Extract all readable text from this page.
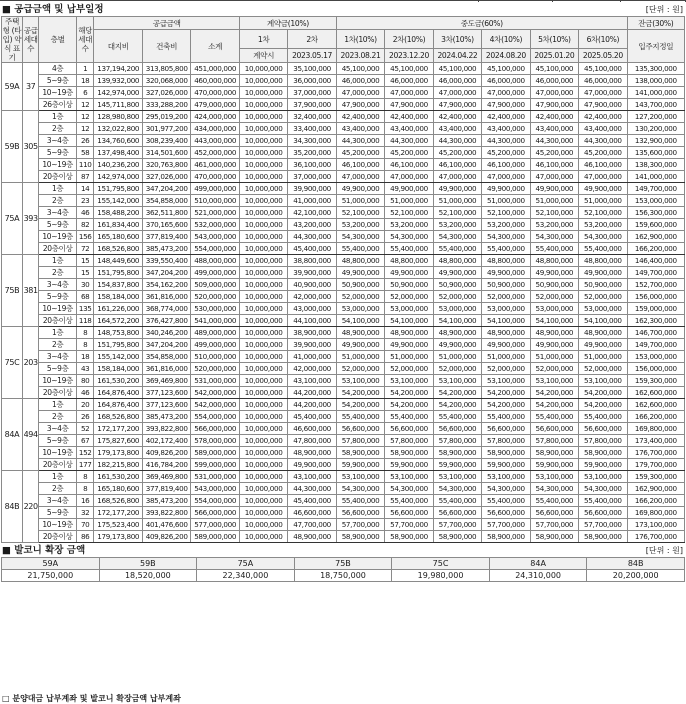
■ 공급금액 및 납부일정	[단위 : 원]
주택형 (타입) 약식 표기	공급 세대수	층별	해당 세대수	공급금액			계약금(10%)		중도금(60%)						잔금(30%)
				대지비	건축비	소계	1차	2차	1차(10%)	2차(10%)	3차(10%)	4차(10%)	5차(10%)	6차(10%)	입주지정일
							계약시	2023.05.17	2023.08.21	2023.12.20	2024.04.22	2024.08.20	2025.01.20	2025.05.20	
59A	37	4층	1	137,194,200	313,805,800	451,000,000	10,000,000	35,100,000	45,100,000	45,100,000	45,100,000	45,100,000	45,100,000	45,100,000	135,300,000
		5~9층	18	139,932,000	320,068,000	460,000,000	10,000,000	36,000,000	46,000,000	46,000,000	46,000,000	46,000,000	46,000,000	46,000,000	138,000,000
		10~19층	6	142,974,000	327,026,000	470,000,000	10,000,000	37,000,000	47,000,000	47,000,000	47,000,000	47,000,000	47,000,000	47,000,000	141,000,000
		26층이상	12	145,711,800	333,288,200	479,000,000	10,000,000	37,900,000	47,900,000	47,900,000	47,900,000	47,900,000	47,900,000	47,900,000	143,700,000
59B	305	1층	12	128,980,800	295,019,200	424,000,000	10,000,000	32,400,000	42,400,000	42,400,000	42,400,000	42,400,000	42,400,000	42,400,000	127,200,000
		2층	12	132,022,800	301,977,200	434,000,000	10,000,000	33,400,000	43,400,000	43,400,000	43,400,000	43,400,000	43,400,000	43,400,000	130,200,000
		3~4층	26	134,760,600	308,239,400	443,000,000	10,000,000	34,300,000	44,300,000	44,300,000	44,300,000	44,300,000	44,300,000	44,300,000	132,900,000
		5~9층	58	137,498,400	314,501,600	452,000,000	10,000,000	35,200,000	45,200,000	45,200,000	45,200,000	45,200,000	45,200,000	45,200,000	135,600,000
		10~19층	110	140,236,200	320,763,800	461,000,000	10,000,000	36,100,000	46,100,000	46,100,000	46,100,000	46,100,000	46,100,000	46,100,000	138,300,000
		20층이상	87	142,974,000	327,026,000	470,000,000	10,000,000	37,000,000	47,000,000	47,000,000	47,000,000	47,000,000	47,000,000	47,000,000	141,000,000
75A	393	1층	14	151,795,800	347,204,200	499,000,000	10,000,000	39,900,000	49,900,000	49,900,000	49,900,000	49,900,000	49,900,000	49,900,000	149,700,000
		2층	23	155,142,000	354,858,000	510,000,000	10,000,000	41,000,000	51,000,000	51,000,000	51,000,000	51,000,000	51,000,000	51,000,000	153,000,000
		3~4층	46	158,488,200	362,511,800	521,000,000	10,000,000	42,100,000	52,100,000	52,100,000	52,100,000	52,100,000	52,100,000	52,100,000	156,300,000
		5~9층	82	161,834,400	370,165,600	532,000,000	10,000,000	43,200,000	53,200,000	53,200,000	53,200,000	53,200,000	53,200,000	53,200,000	159,600,000
		10~19층	156	165,180,600	377,819,400	543,000,000	10,000,000	44,300,000	54,300,000	54,300,000	54,300,000	54,300,000	54,300,000	54,300,000	162,900,000
		20층이상	72	168,526,800	385,473,200	554,000,000	10,000,000	45,400,000	55,400,000	55,400,000	55,400,000	55,400,000	55,400,000	55,400,000	166,200,000
75B	381	1층	15	148,449,600	339,550,400	488,000,000	10,000,000	38,800,000	48,800,000	48,800,000	48,800,000	48,800,000	48,800,000	48,800,000	146,400,000
		2층	15	151,795,800	347,204,200	499,000,000	10,000,000	39,900,000	49,900,000	49,900,000	49,900,000	49,900,000	49,900,000	49,900,000	149,700,000
		3~4층	30	154,837,800	354,162,200	509,000,000	10,000,000	40,900,000	50,900,000	50,900,000	50,900,000	50,900,000	50,900,000	50,900,000	152,700,000
		5~9층	68	158,184,000	361,816,000	520,000,000	10,000,000	42,000,000	52,000,000	52,000,000	52,000,000	52,000,000	52,000,000	52,000,000	156,000,000
		10~19층	135	161,226,000	368,774,000	530,000,000	10,000,000	43,000,000	53,000,000	53,000,000	53,000,000	53,000,000	53,000,000	53,000,000	159,000,000
		20층이상	118	164,572,200	376,427,800	541,000,000	10,000,000	44,100,000	54,100,000	54,100,000	54,100,000	54,100,000	54,100,000	54,100,000	162,300,000
75C	203	1층	8	148,753,800	340,246,200	489,000,000	10,000,000	38,900,000	48,900,000	48,900,000	48,900,000	48,900,000	48,900,000	48,900,000	146,700,000
		2층	8	151,795,800	347,204,200	499,000,000	10,000,000	39,900,000	49,900,000	49,900,000	49,900,000	49,900,000	49,900,000	49,900,000	149,700,000
		3~4층	18	155,142,000	354,858,000	510,000,000	10,000,000	41,000,000	51,000,000	51,000,000	51,000,000	51,000,000	51,000,000	51,000,000	153,000,000
		5~9층	43	158,184,000	361,816,000	520,000,000	10,000,000	42,000,000	52,000,000	52,000,000	52,000,000	52,000,000	52,000,000	52,000,000	156,000,000
		10~19층	80	161,530,200	369,469,800	531,000,000	10,000,000	43,100,000	53,100,000	53,100,000	53,100,000	53,100,000	53,100,000	53,100,000	159,300,000
		20층이상	46	164,876,400	377,123,600	542,000,000	10,000,000	44,200,000	54,200,000	54,200,000	54,200,000	54,200,000	54,200,000	54,200,000	162,600,000
84A	494	1층	20	164,876,400	377,123,600	542,000,000	10,000,000	44,200,000	54,200,000	54,200,000	54,200,000	54,200,000	54,200,000	54,200,000	162,600,000
		2층	26	168,526,800	385,473,200	554,000,000	10,000,000	45,400,000	55,400,000	55,400,000	55,400,000	55,400,000	55,400,000	55,400,000	166,200,000
		3~4층	52	172,177,200	393,822,800	566,000,000	10,000,000	46,600,000	56,600,000	56,600,000	56,600,000	56,600,000	56,600,000	56,600,000	169,800,000
		5~9층	67	175,827,600	402,172,400	578,000,000	10,000,000	47,800,000	57,800,000	57,800,000	57,800,000	57,800,000	57,800,000	57,800,000	173,400,000
		10~19층	152	179,173,800	409,826,200	589,000,000	10,000,000	48,900,000	58,900,000	58,900,000	58,900,000	58,900,000	58,900,000	58,900,000	176,700,000
		20층이상	177	182,215,800	416,784,200	599,000,000	10,000,000	49,900,000	59,900,000	59,900,000	59,900,000	59,900,000	59,900,000	59,900,000	179,700,000
84B	220	1층	8	161,530,200	369,469,800	531,000,000	10,000,000	43,100,000	53,100,000	53,100,000	53,100,000	53,100,000	53,100,000	53,100,000	159,300,000
		2층	8	165,180,600	377,819,400	543,000,000	10,000,000	44,300,000	54,300,000	54,300,000	54,300,000	54,300,000	54,300,000	54,300,000	162,900,000
		3~4층	16	168,526,800	385,473,200	554,000,000	10,000,000	45,400,000	55,400,000	55,400,000	55,400,000	55,400,000	55,400,000	55,400,000	166,200,000
		5~9층	32	172,177,200	393,822,800	566,000,000	10,000,000	46,600,000	56,600,000	56,600,000	56,600,000	56,600,000	56,600,000	56,600,000	169,800,000
		10~19층	70	175,523,400	401,476,600	577,000,000	10,000,000	47,700,000	57,700,000	57,700,000	57,700,000	57,700,000	57,700,000	57,700,000	173,100,000
		20층이상	86	179,173,800	409,826,200	589,000,000	10,000,000	48,900,000	58,900,000	58,900,000	58,900,000	58,900,000	58,900,000	58,900,000	176,700,000
■ 발코니 확장 금액	[단위 : 원]
59A	59B	75A	75B	75C	84A	84B
21,750,000	18,520,000	22,340,000	18,750,000	19,980,000	24,310,000	20,200,000
□ 분양대금 납부계좌 및 발코니 확장금액 납부계좌
